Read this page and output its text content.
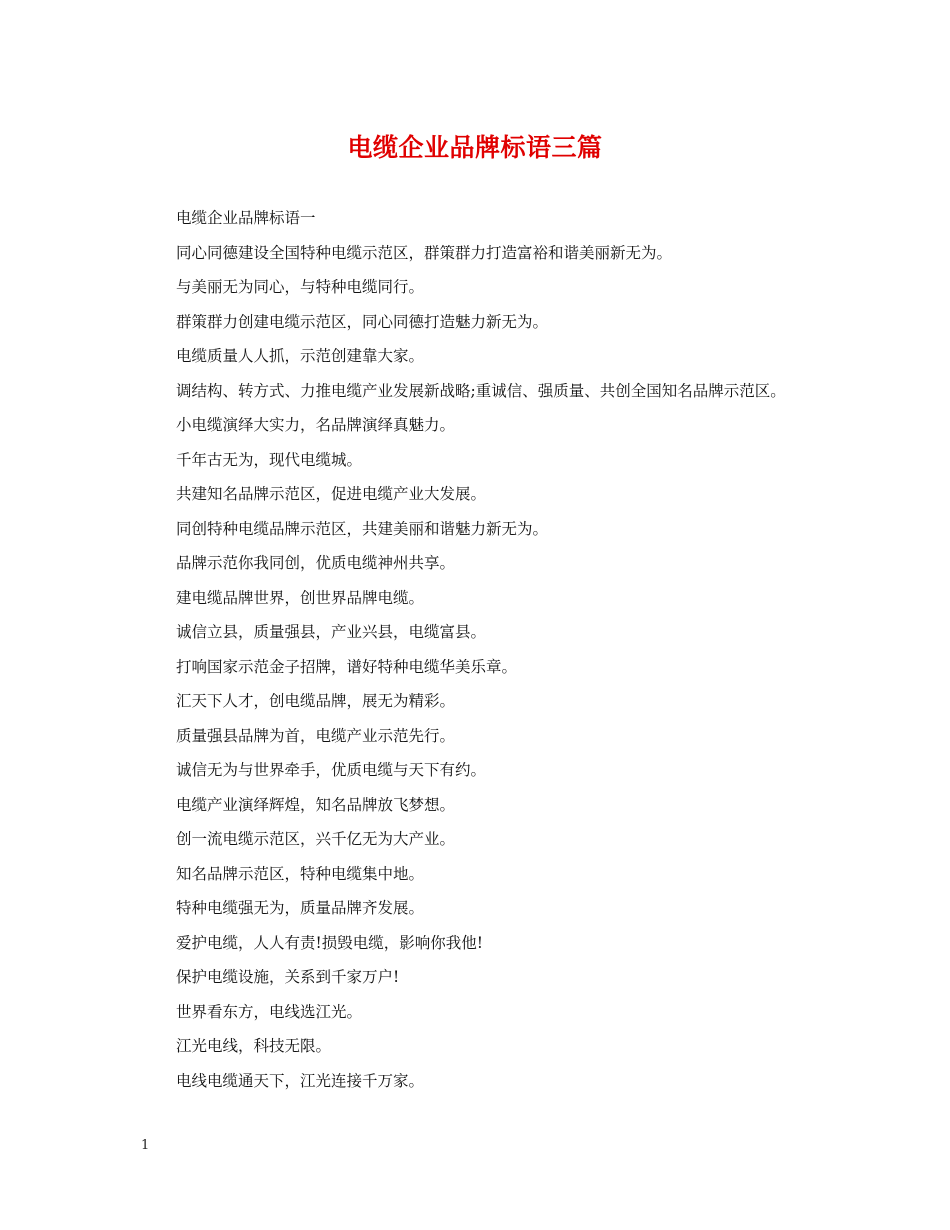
电缆企业品牌标语三篇

电缆企业品牌标语一

同心同德建设全国特种电缆示范区，群策群力打造富裕和谐美丽新无为。

与美丽无为同心，与特种电缆同行。

群策群力创建电缆示范区，同心同德打造魅力新无为。

电缆质量人人抓，示范创建靠大家。

调结构、转方式、力推电缆产业发展新战略;重诚信、强质量、共创全国知名品牌示范区。

小电缆演绎大实力，名品牌演绎真魅力。

千年古无为，现代电缆城。

共建知名品牌示范区，促进电缆产业大发展。

同创特种电缆品牌示范区，共建美丽和谐魅力新无为。

品牌示范你我同创，优质电缆神州共享。

建电缆品牌世界，创世界品牌电缆。

诚信立县，质量强县，产业兴县，电缆富县。

打响国家示范金子招牌，谱好特种电缆华美乐章。

汇天下人才，创电缆品牌，展无为精彩。

质量强县品牌为首，电缆产业示范先行。

诚信无为与世界牵手，优质电缆与天下有约。

电缆产业演绎辉煌，知名品牌放飞梦想。

创一流电缆示范区，兴千亿无为大产业。

知名品牌示范区，特种电缆集中地。

特种电缆强无为，质量品牌齐发展。

爱护电缆，人人有责!损毁电缆，影响你我他!

保护电缆设施，关系到千家万户!

世界看东方，电线选江光。

江光电线，科技无限。

电线电缆通天下，江光连接千万家。

1
